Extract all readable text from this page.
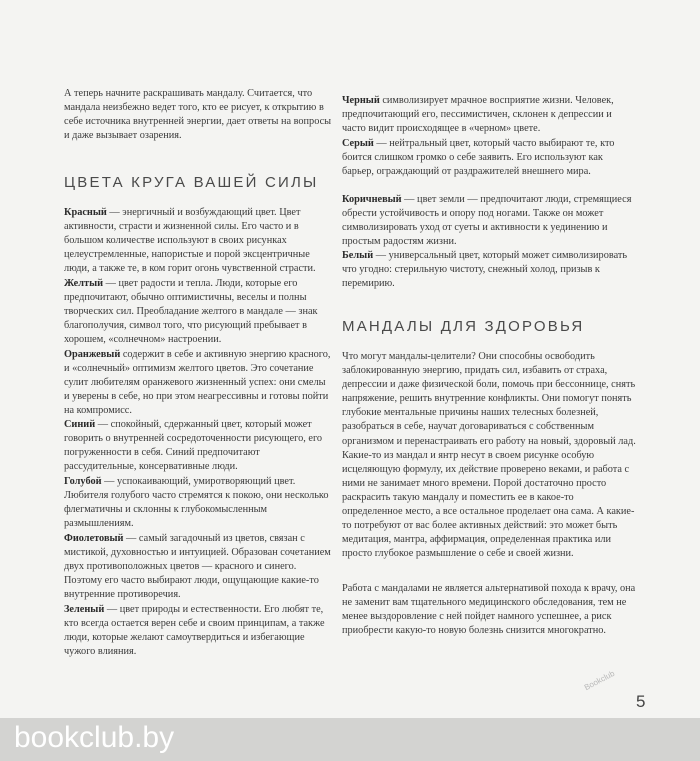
А теперь начните раскрашивать мандалу. Считается, что мандала неизбежно ведет того, кто ее рисует, к открытию в себе источника внутренней энергии, дает ответы на вопросы и даже вызывает озарения.

ЦВЕТА КРУГА ВАШЕЙ СИЛЫ

Красный — энергичный и возбуждающий цвет. Цвет активности, страсти и жизненной силы. Его часто и в большом количестве используют в своих рисунках целеустремленные, напористые и порой эксцентричные люди, а также те, в ком горит огонь чувственной страсти.

Желтый — цвет радости и тепла. Люди, которые его предпочитают, обычно оптимистичны, веселы и полны творческих сил. Преобладание желтого в мандале — знак благополучия, символ того, что рисующий пребывает в хорошем, «солнечном» настроении.

Оранжевый содержит в себе и активную энергию красного, и «солнечный» оптимизм желтого цветов. Это сочетание сулит любителям оранжевого жизненный успех: они смелы и уверены в себе, но при этом неагрессивны и готовы пойти на компромисс.

Синий — спокойный, сдержанный цвет, который может говорить о внутренней сосредоточенности рисующего, его погруженности в себя. Синий предпочитают рассудительные, консервативные люди.

Голубой — успокаивающий, умиротворяющий цвет. Любителя голубого часто стремятся к покою, они несколько флегматичны и склонны к глубокомысленным размышлениям.

Фиолетовый — самый загадочный из цветов, связан с мистикой, духовностью и интуицией. Образован сочетанием двух противоположных цветов — красного и синего. Поэтому его часто выбирают люди, ощущающие какие-то внутренние противоречия.

Зеленый — цвет природы и естественности. Его любят те, кто всегда остается верен себе и своим принципам, а также люди, которые желают самоутвердиться и избегающие чужого влияния.

Черный символизирует мрачное восприятие жизни. Человек, предпочитающий его, пессимистичен, склонен к депрессии и часто видит происходящее в «черном» цвете.

Серый — нейтральный цвет, который часто выбирают те, кто боится слишком громко о себе заявить. Его используют как барьер, ограждающий от раздражителей внешнего мира.

Коричневый — цвет земли — предпочитают люди, стремящиеся обрести устойчивость и опору под ногами. Также он может символизировать уход от суеты и активности к уединению и простым радостям жизни.

Белый — универсальный цвет, который может символизировать что угодно: стерильную чистоту, снежный холод, призыв к перемирию.

МАНДАЛЫ ДЛЯ ЗДОРОВЬЯ

Что могут мандалы-целители? Они способны освободить заблокированную энергию, придать сил, избавить от страха, депрессии и даже физической боли, помочь при бессоннице, снять напряжение, решить внутренние конфликты. Они помогут понять глубокие ментальные причины наших телесных болезней, разобраться в себе, научат договариваться с собственным организмом и перенастраивать его работу на новый, здоровый лад. Какие-то из мандал и янтр несут в своем рисунке особую исцеляющую формулу, их действие проверено веками, и работа с ними не занимает много времени. Порой достаточно просто раскрасить такую мандалу и поместить ее в какое-то определенное место, а все остальное проделает она сама. А какие-то потребуют от вас более активных действий: это может быть медитация, мантра, аффирмация, определенная практика или просто глубокое размышление о себе и своей жизни.

Работа с мандалами не является альтернативой похода к врачу, она не заменит вам тщательного медицинского обследования, тем не менее выздоровление с ней пойдет намного успешнее, а риск приобрести какую-то новую болезнь снизится многократно.

Bookclub
5
bookclub.by
